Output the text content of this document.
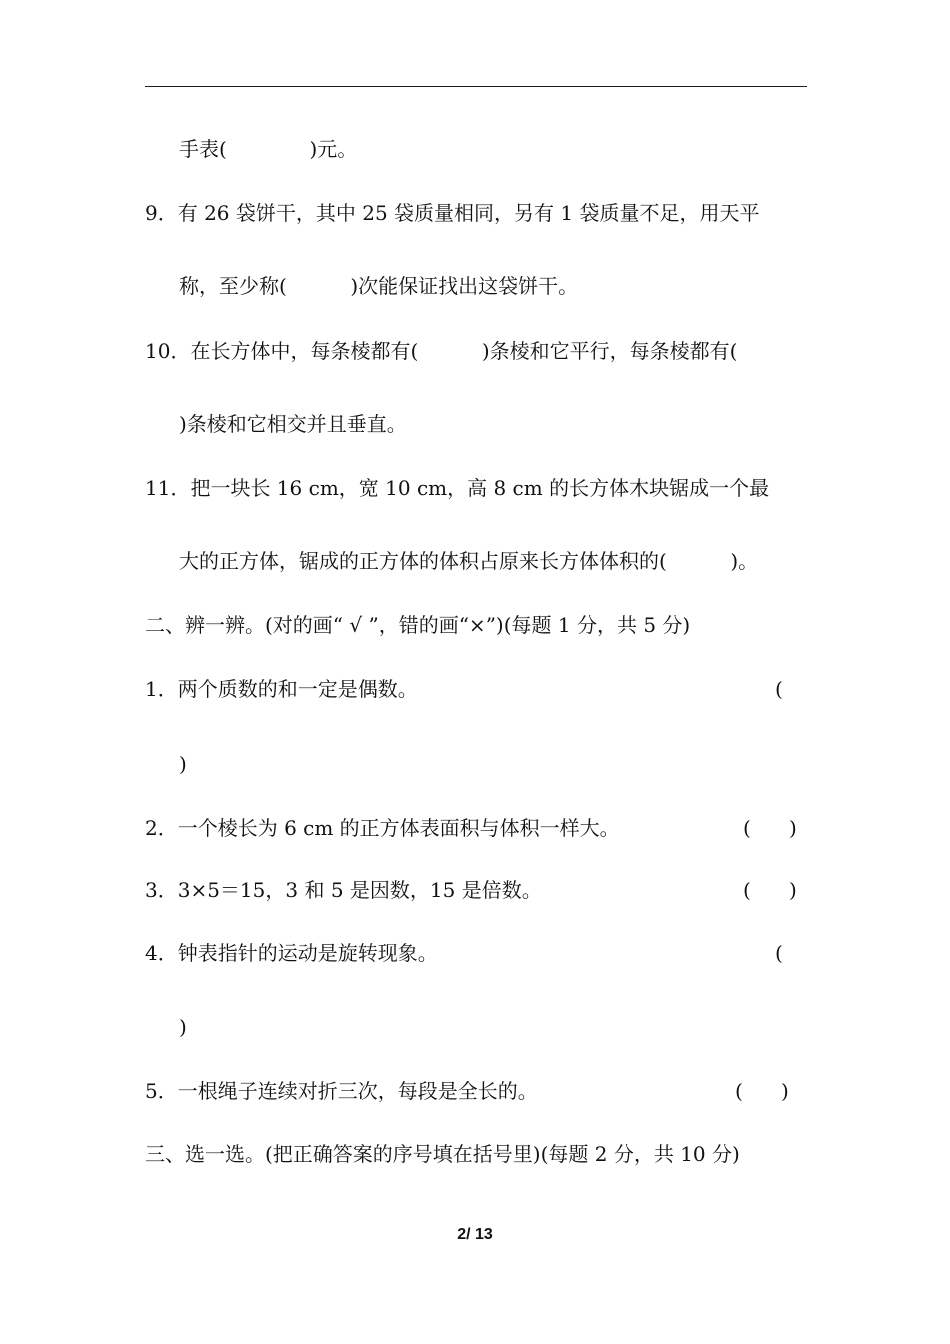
手表(             )元。
9．有 26 袋饼干，其中 25 袋质量相同，另有 1 袋质量不足，用天平
称，至少称(          )次能保证找出这袋饼干。
10．在长方体中，每条棱都有(          )条棱和它平行，每条棱都有(
)条棱和它相交并且垂直。
11．把一块长 16 cm，宽 10 cm，高 8 cm 的长方体木块锯成一个最
大的正方体，锯成的正方体的体积占原来长方体体积的(          )。
二、辨一辨。(对的画“ √ ”，错的画“×”)(每题 1 分，共 5 分)
1．两个质数的和一定是偶数。	(
)
2．一个棱长为 6 cm 的正方体表面积与体积一样大。	(      )
3．3×5＝15，3 和 5 是因数，15 是倍数。	(      )
4．钟表指针的运动是旋转现象。	(
)
5．一根绳子连续对折三次，每段是全长的。	(      )
三、选一选。(把正确答案的序号填在括号里)(每题 2 分，共 10 分)
2/ 13
